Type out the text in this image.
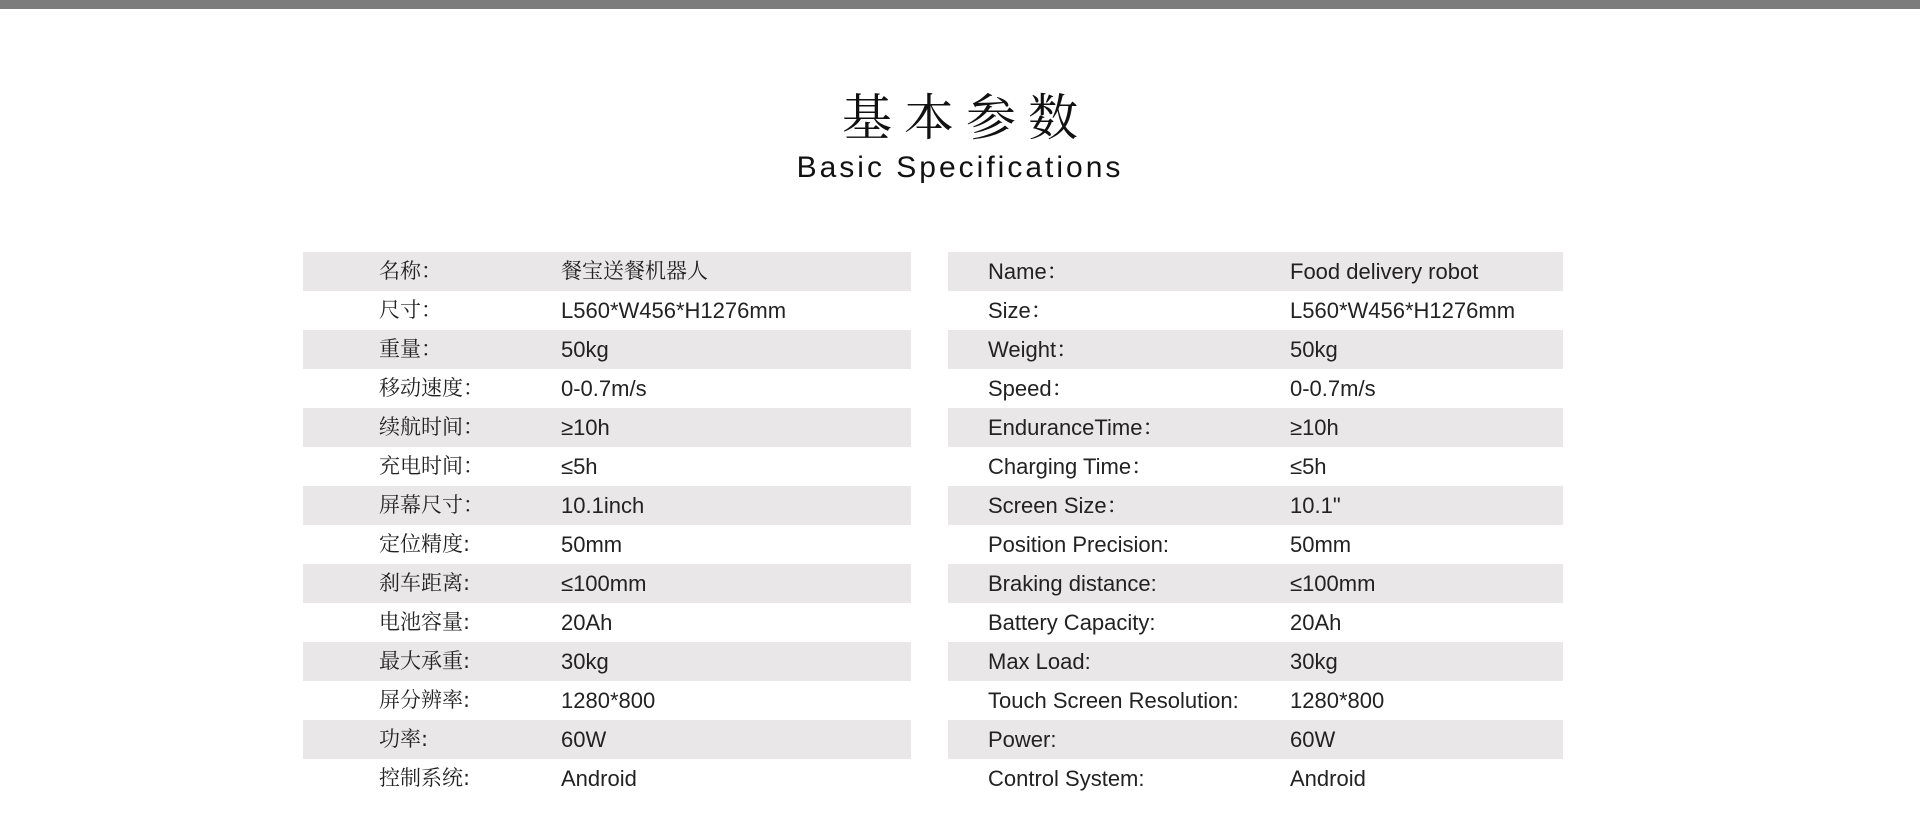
基本参数
Basic Specifications
名称：	餐宝送餐机器人
尺寸：	L560*W456*H1276mm
重量：	50kg
移动速度：	0-0.7m/s
续航时间：	≥10h
充电时间：	≤5h
屏幕尺寸：	10.1inch
定位精度:	50mm
刹车距离:	≤100mm
电池容量:	20Ah
最大承重:	30kg
屏分辨率:	1280*800
功率:	60W
控制系统:	Android
Name：	Food delivery robot
Size：	L560*W456*H1276mm
Weight：	50kg
Speed：	0-0.7m/s
EnduranceTime：	≥10h
Charging Time：	≤5h
Screen Size：	10.1"
Position Precision:	50mm
Braking distance:	≤100mm
Battery Capacity:	20Ah
Max Load:	30kg
Touch Screen Resolution: 1280*800
Power:	60W
Control System:	Android
